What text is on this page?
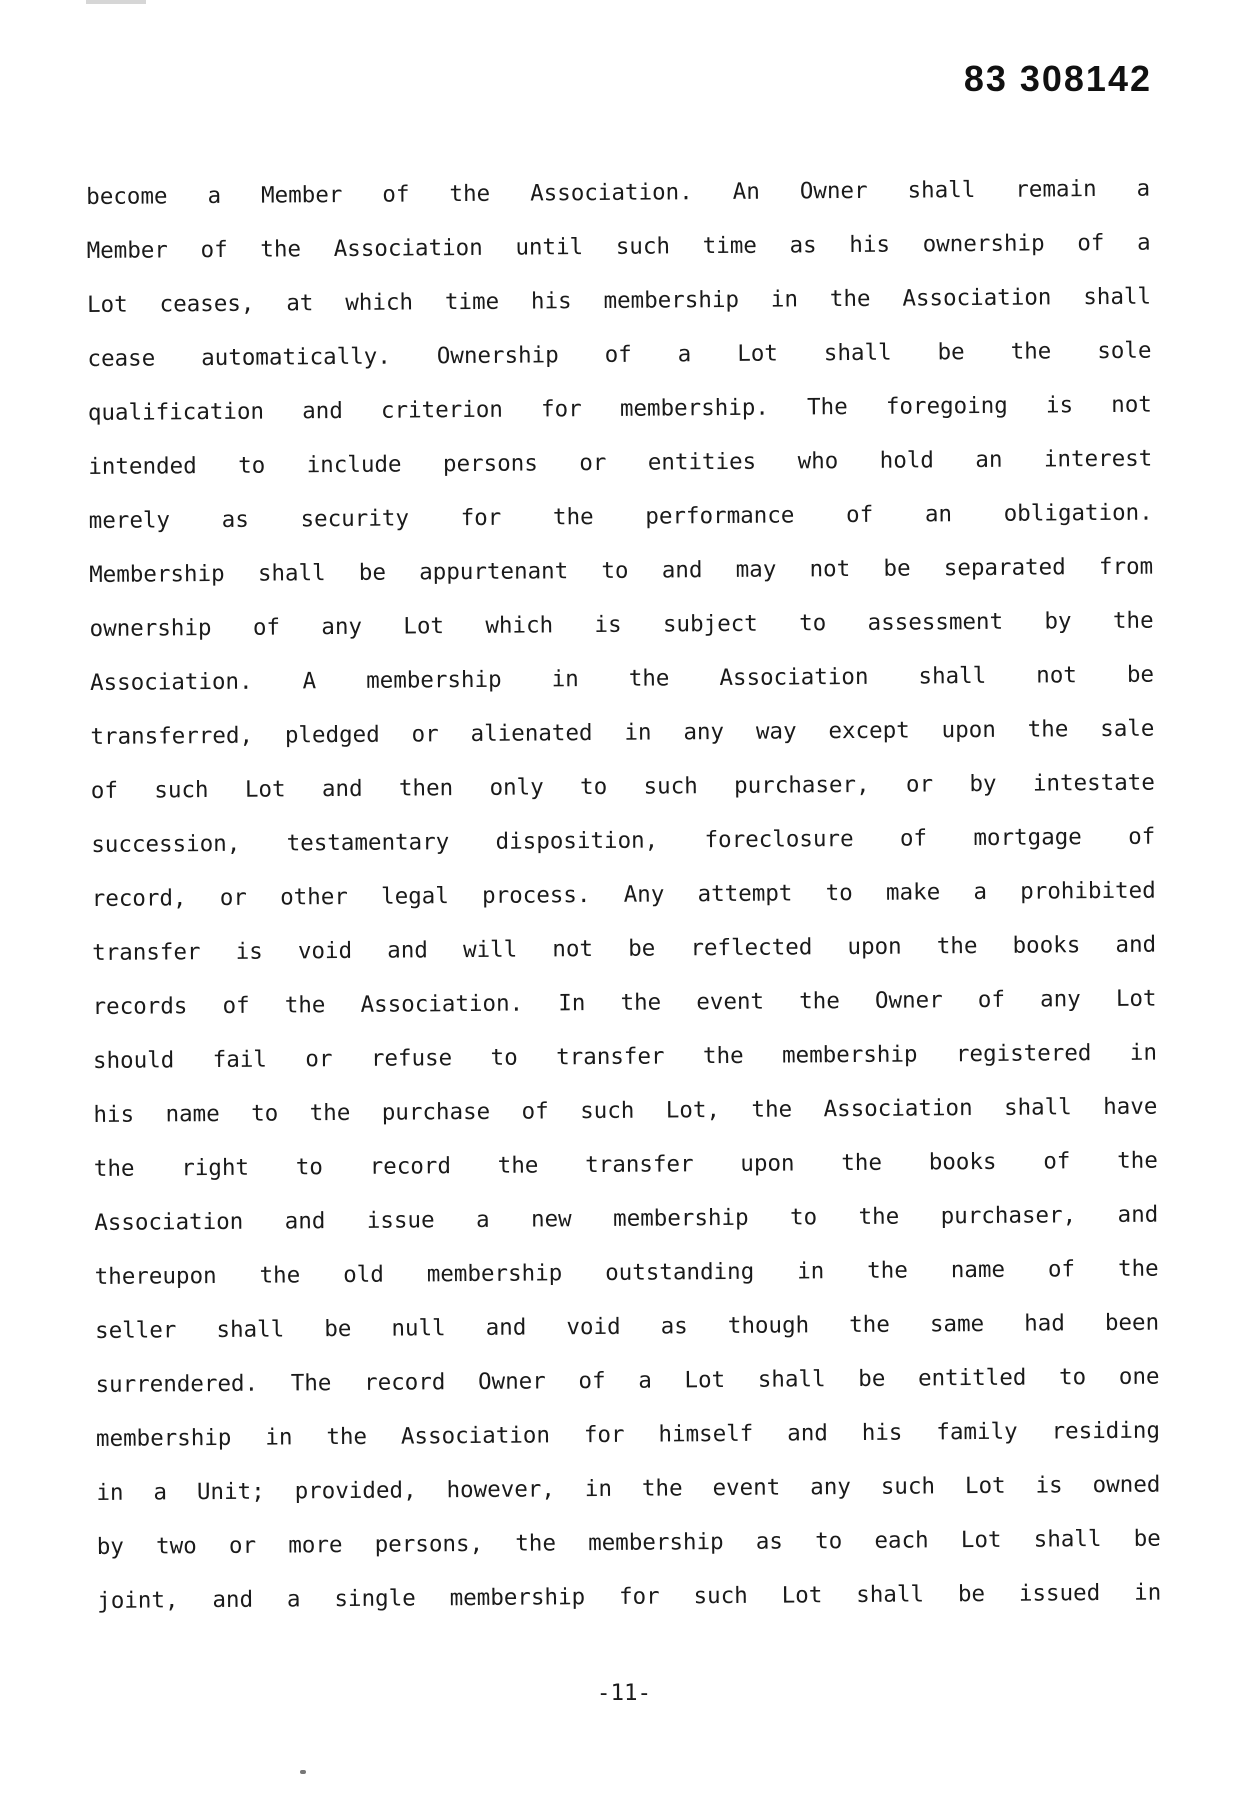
83 308142
become a Member of the Association. An Owner shall remain a
Member of the Association until such time as his ownership of a
Lot ceases, at which time his membership in the Association shall
cease automatically. Ownership of a Lot shall be the sole
qualification and criterion for membership. The foregoing is not
intended to include persons or entities who hold an interest
merely as security for the performance of an obligation.
Membership shall be appurtenant to and may not be separated from
ownership of any Lot which is subject to assessment by the
Association. A membership in the Association shall not be
transferred, pledged or alienated in any way except upon the sale
of such Lot and then only to such purchaser, or by intestate
succession, testamentary disposition, foreclosure of mortgage of
record, or other legal process. Any attempt to make a prohibited
transfer is void and will not be reflected upon the books and
records of the Association. In the event the Owner of any Lot
should fail or refuse to transfer the membership registered in
his name to the purchase of such Lot, the Association shall have
the right to record the transfer upon the books of the
Association and issue a new membership to the purchaser, and
thereupon the old membership outstanding in the name of the
seller shall be null and void as though the same had been
surrendered. The record Owner of a Lot shall be entitled to one
membership in the Association for himself and his family residing
in a Unit; provided, however, in the event any such Lot is owned
by two or more persons, the membership as to each Lot shall be
joint, and a single membership for such Lot shall be issued in
-11-
